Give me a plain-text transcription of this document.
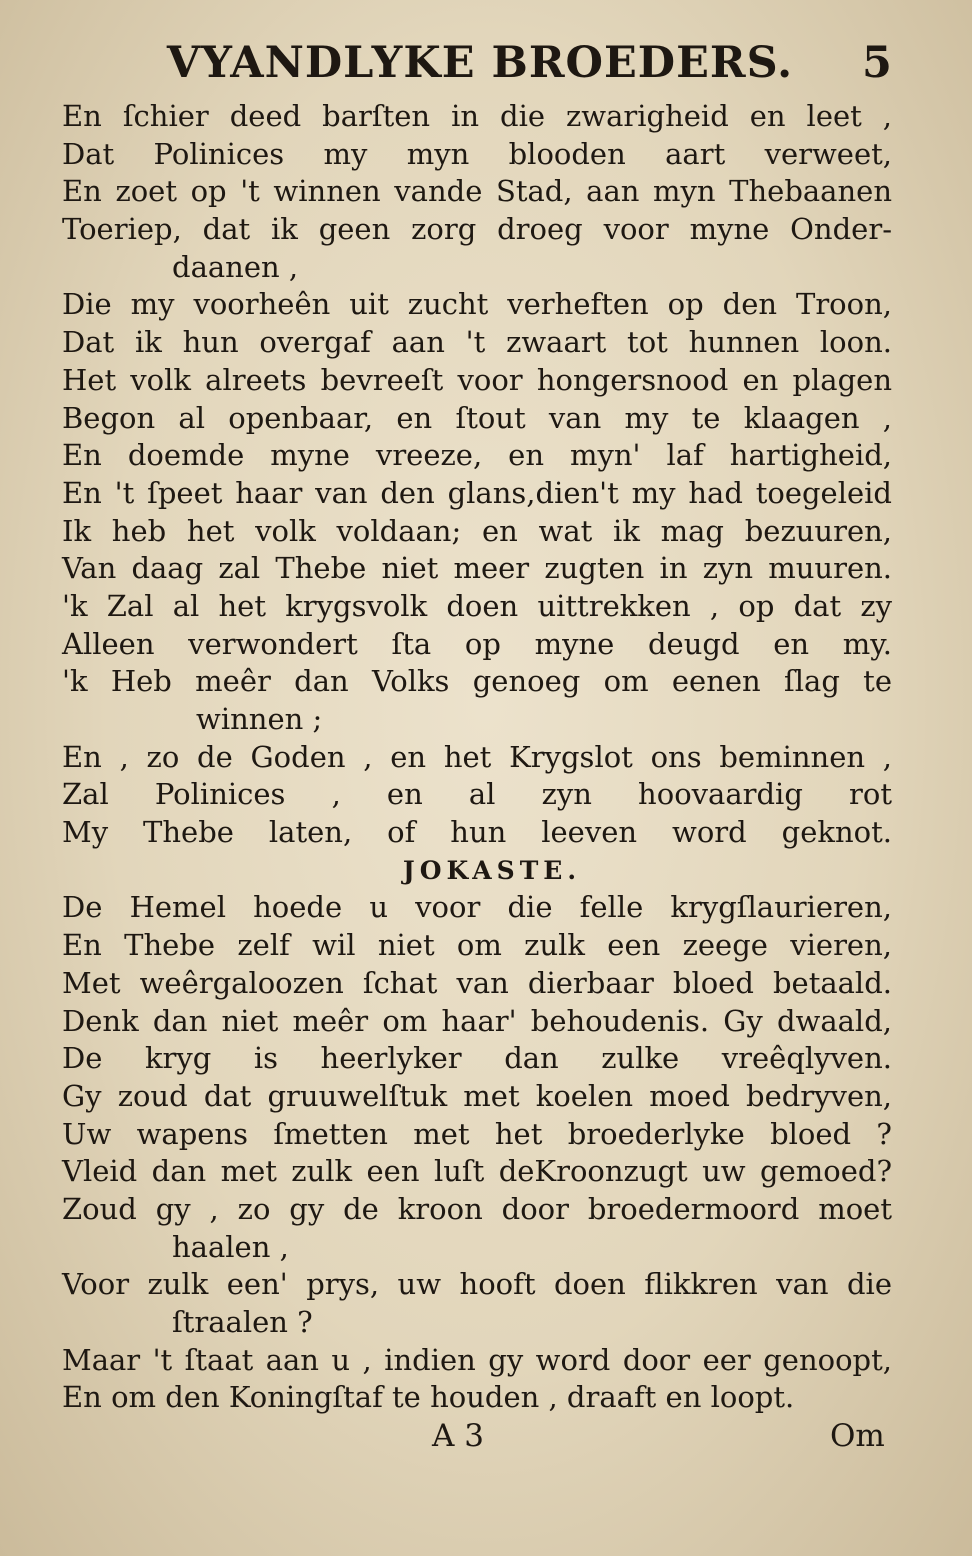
VYANDLYKE BROEDERS.	5
En ſchier deed barſten in die zwarigheid en leet ,
Dat Polinices my myn blooden aart verweet,
En zoet op 't winnen vande Stad, aan myn Thebaanen
Toeriep, dat ik geen zorg droeg voor myne Onder-
daanen ,
Die my voorheên uit zucht verheften op den Troon,
Dat ik hun overgaf aan 't zwaart tot hunnen loon.
Het volk alreets bevreeſt voor hongersnood en plagen
Begon al openbaar, en ſtout van my te klaagen ,
En doemde myne vreeze, en myn' laf hartigheid,
En 't ſpeet haar van den glans,dien't my had toegeleid
Ik heb het volk voldaan; en wat ik mag bezuuren,
Van daag zal Thebe niet meer zugten in zyn muuren.
'k Zal al het krygsvolk doen uittrekken , op dat zy
Alleen verwondert ſta op myne deugd en my.
'k Heb meêr dan Volks genoeg om eenen ſlag te
winnen ;
En , zo de Goden , en het Krygslot ons beminnen ,
Zal Polinices , en al zyn hoovaardig rot
My Thebe laten, of hun leeven word geknot.
JOKASTE.
De Hemel hoede u voor die felle krygſlaurieren,
En Thebe zelf wil niet om zulk een zeege vieren,
Met weêrgaloozen ſchat van dierbaar bloed betaald.
Denk dan niet meêr om haar' behoudenis. Gy dwaald,
De kryg is heerlyker dan zulke vreêqlyven.
Gy zoud dat gruuwelſtuk met koelen moed bedryven,
Uw wapens ſmetten met het broederlyke bloed ?
Vleid dan met zulk een luſt deKroonzugt uw gemoed?
Zoud gy , zo gy de kroon door broedermoord moet
haalen ,
Voor zulk een' prys, uw hooft doen flikkren van die
ſtraalen ?
Maar 't ſtaat aan u , indien gy word door eer genoopt,
En om den Koningſtaf te houden , draaft en loopt.
A 3	Om
